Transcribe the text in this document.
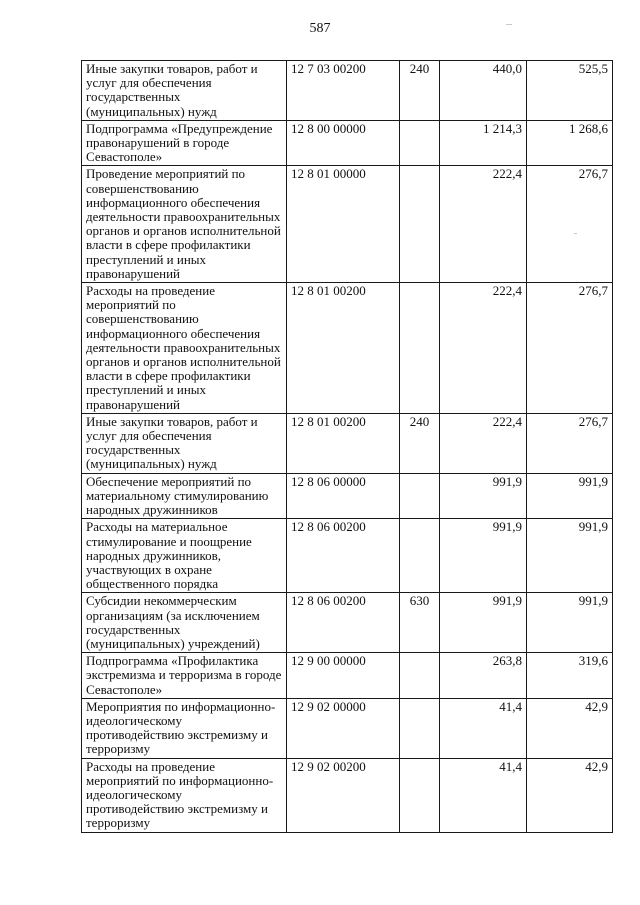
587
Иные закупки товаров, работ и услуг для обеспечения государственных (муниципальных) нужд	12 7 03 00200	240	440,0	525,5
Подпрограмма «Предупреждение правонарушений в городе Севастополе»	12 8 00 00000		1 214,3	1 268,6
Проведение мероприятий по совершенствованию информационного обеспечения деятельности правоохранительных органов и органов исполнительной власти в сфере профилактики преступлений и иных правонарушений	12 8 01 00000		222,4	276,7
Расходы на проведение мероприятий по совершенствованию информационного обеспечения деятельности правоохранительных органов и органов исполнительной власти в сфере профилактики преступлений и иных правонарушений	12 8 01 00200		222,4	276,7
Иные закупки товаров, работ и услуг для обеспечения государственных (муниципальных) нужд	12 8 01 00200	240	222,4	276,7
Обеспечение мероприятий по материальному стимулированию народных дружинников	12 8 06 00000		991,9	991,9
Расходы на материальное стимулирование и поощрение народных дружинников, участвующих в охране общественного порядка	12 8 06 00200		991,9	991,9
Субсидии некоммерческим организациям (за исключением государственных (муниципальных) учреждений)	12 8 06 00200	630	991,9	991,9
Подпрограмма «Профилактика экстремизма и терроризма в городе Севастополе»	12 9 00 00000		263,8	319,6
Мероприятия по информационно-идеологическому противодействию экстремизму и терроризму	12 9 02 00000		41,4	42,9
Расходы на проведение мероприятий по информационно-идеологическому противодействию экстремизму и терроризму	12 9 02 00200		41,4	42,9
